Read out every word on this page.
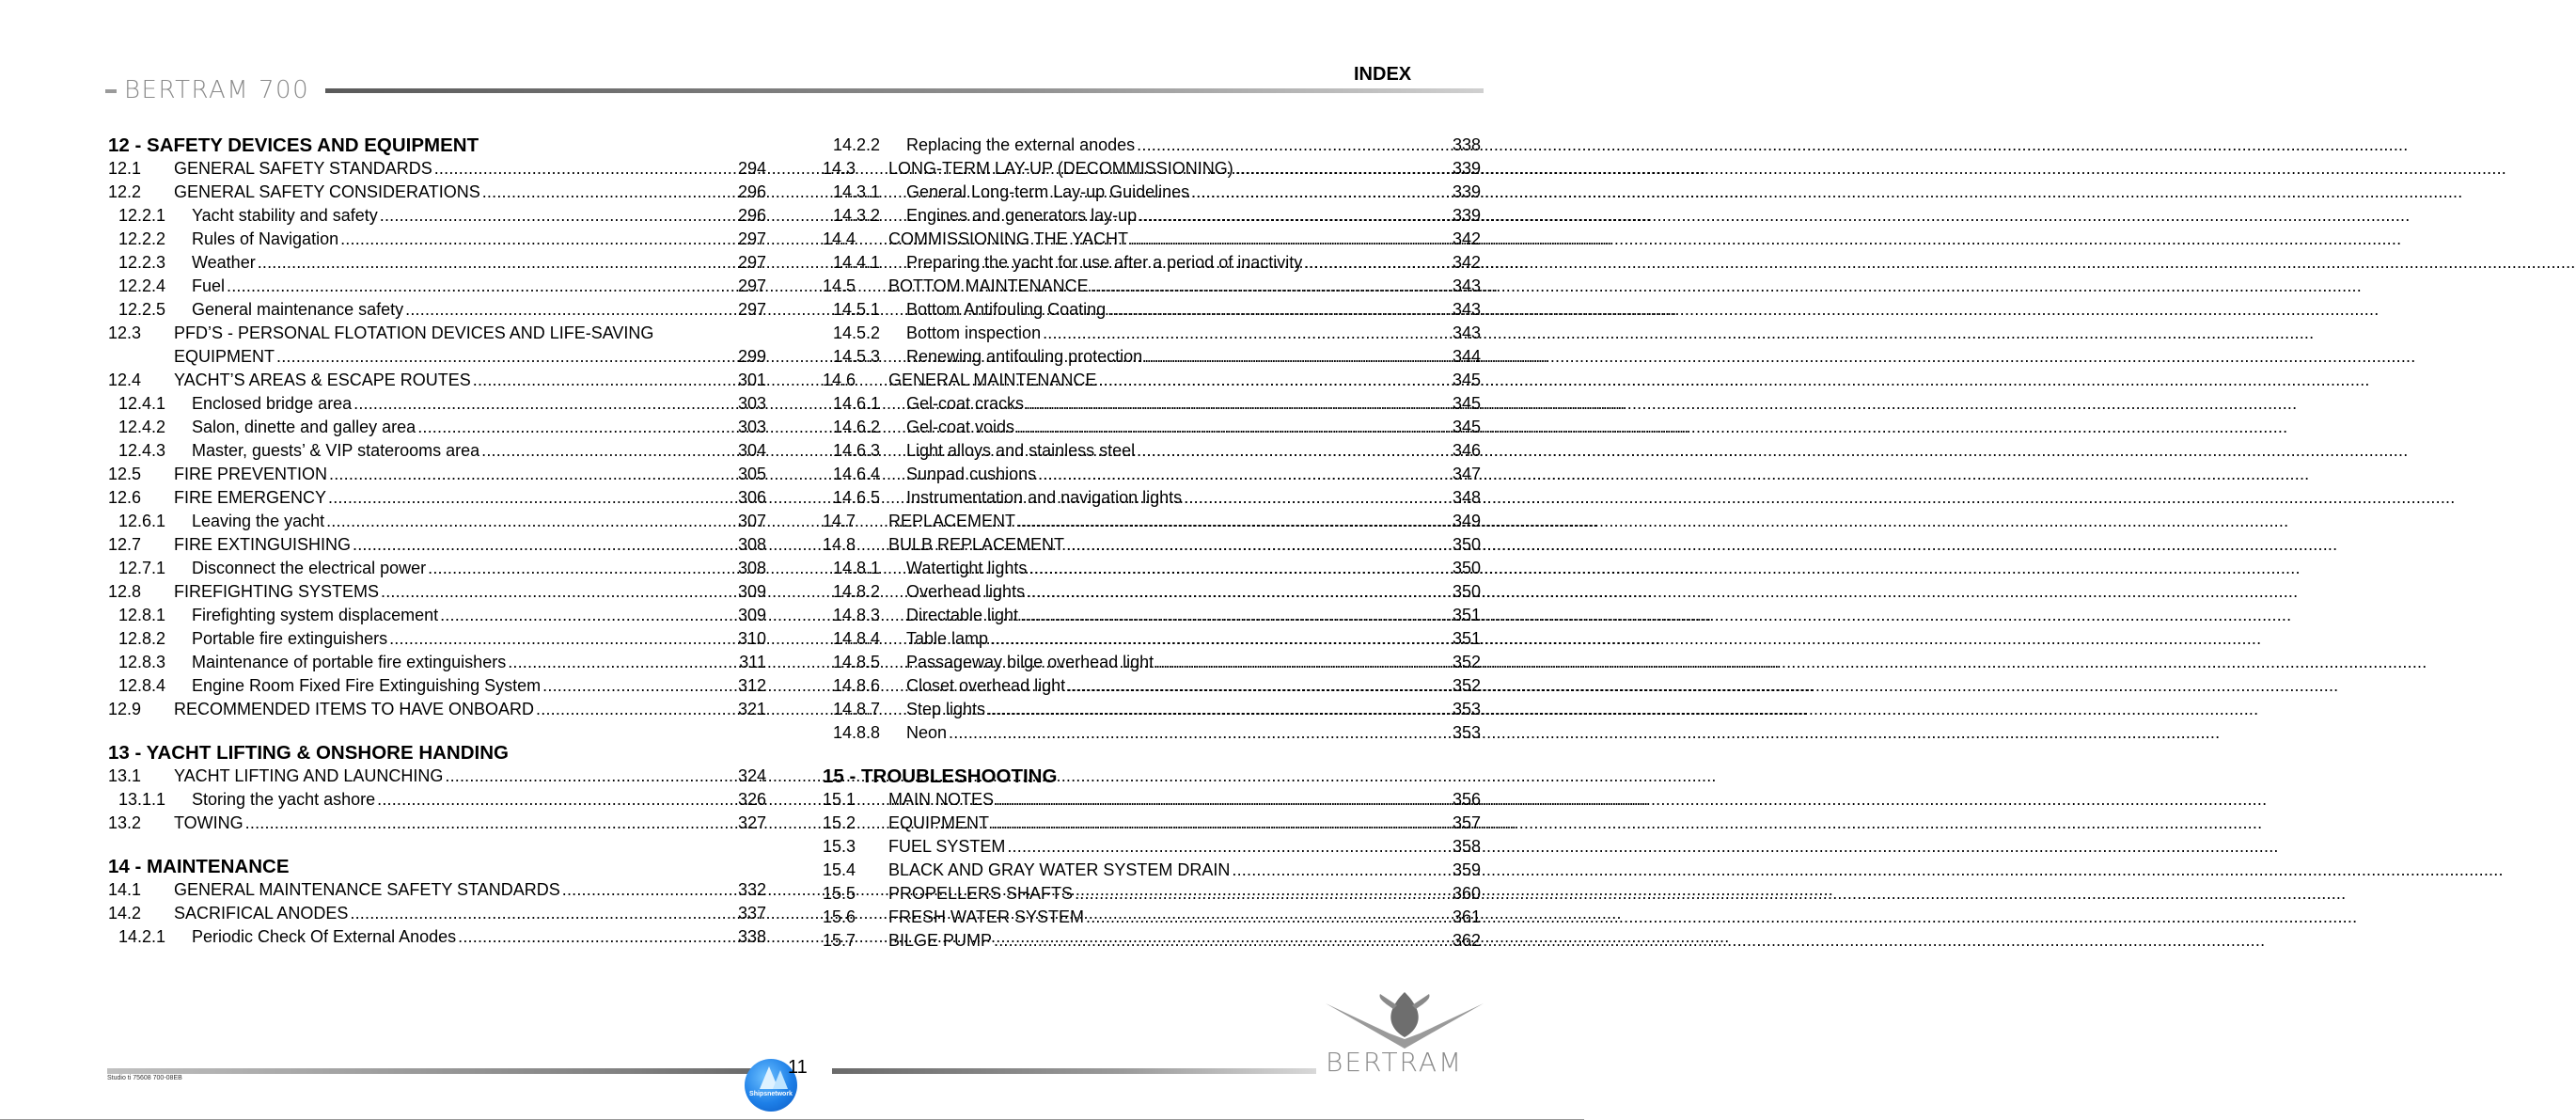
BERTRAM 700
INDEX
12 - SAFETY DEVICES AND EQUIPMENT
12.1	GENERAL SAFETY STANDARDS .....	294
12.2	GENERAL SAFETY CONSIDERATIONS .....	296
12.2.1	Yacht stability and safety .....	296
12.2.2	Rules of Navigation .....	297
12.2.3	Weather .....	297
12.2.4	Fuel .....	297
12.2.5	General maintenance safety .....	297
12.3	PFD’S - PERSONAL FLOTATION DEVICES AND LIFE-SAVING
EQUIPMENT .....	299
12.4	YACHT’S AREAS & ESCAPE ROUTES .....	301
12.4.1	Enclosed bridge area .....	303
12.4.2	Salon, dinette and galley area .....	303
12.4.3	Master, guests’ & VIP staterooms area .....	304
12.5	FIRE PREVENTION .....	305
12.6	FIRE EMERGENCY .....	306
12.6.1	Leaving the yacht .....	307
12.7	FIRE EXTINGUISHING .....	308
12.7.1	Disconnect the electrical power .....	308
12.8	FIREFIGHTING SYSTEMS .....	309
12.8.1	Firefighting system displacement .....	309
12.8.2	Portable fire extinguishers .....	310
12.8.3	Maintenance of portable fire extinguishers .....	311
12.8.4	Engine Room Fixed Fire Extinguishing System .....	312
12.9	RECOMMENDED ITEMS TO HAVE ONBOARD .....	321
13 - YACHT LIFTING & ONSHORE HANDING
13.1	YACHT LIFTING AND LAUNCHING .....	324
13.1.1	Storing the yacht ashore .....	326
13.2	TOWING .....	327
14 - MAINTENANCE
14.1	GENERAL MAINTENANCE SAFETY STANDARDS .....	332
14.2	SACRIFICAL ANODES .....	337
14.2.1	Periodic Check Of External Anodes .....	338
14.2.2	Replacing the external anodes .....	338
14.3	LONG-TERM LAY-UP (DECOMMISSIONING) .....	339
14.3.1	General Long-term Lay-up Guidelines .....	339
14.3.2	Engines and generators lay-up .....	339
14.4	COMMISSIONING THE YACHT .....	342
14.4.1	Preparing the yacht for use after a period of inactivity .....	342
14.5	BOTTOM MAINTENANCE .....	343
14.5.1	Bottom Antifouling Coating .....	343
14.5.2	Bottom inspection .....	343
14.5.3	Renewing antifouling protection .....	344
14.6	GENERAL MAINTENANCE .....	345
14.6.1	Gel-coat cracks .....	345
14.6.2	Gel-coat voids .....	345
14.6.3	Light alloys and stainless steel .....	346
14.6.4	Sunpad cushions .....	347
14.6.5	Instrumentation and navigation lights .....	348
14.7	REPLACEMENT .....	349
14.8	BULB REPLACEMENT .....	350
14.8.1	Watertight lights .....	350
14.8.2	Overhead lights .....	350
14.8.3	Directable light .....	351
14.8.4	Table lamp .....	351
14.8.5	Passageway bilge overhead light .....	352
14.8.6	Closet overhead light .....	352
14.8.7	Step lights .....	353
14.8.8	Neon .....	353
15 - TROUBLESHOOTING
15.1	MAIN NOTES .....	356
15.2	EQUIPMENT .....	357
15.3	FUEL SYSTEM .....	358
15.4	BLACK AND GRAY WATER SYSTEM DRAIN .....	359
15.5	PROPELLERS SHAFTS .....	360
15.6	FRESH WATER SYSTEM .....	361
15.7	BILGE PUMP .....	362
Studio ti 75608 700-08EB
Shipsnetwork
11	BERTRAM
